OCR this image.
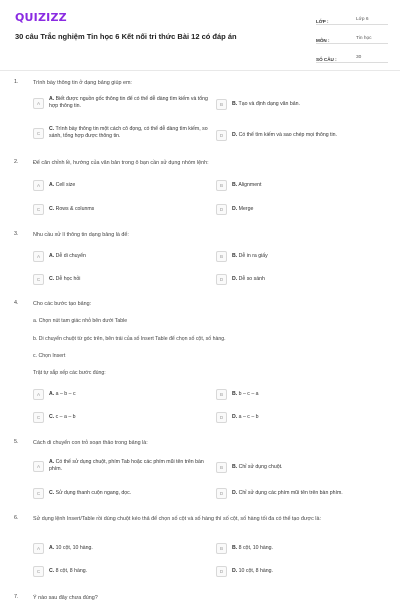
QUIZIZZ
30 câu Trắc nghiệm Tin học 6 Kết nối tri thức Bài 12 có đáp án
LỚP :	Lớp 6
MÔN :	Tin học
SỐ CÂU :	30
1.	Trình bày thông tin ở dạng bảng giúp em:
A
A. Biết được nguồn gốc thông tin để có thể dễ dàng tìm kiếm và tổng hợp thông tin.	B	B. Tạo và định dạng văn bản.
C
C. Trình bày thông tin một cách cô đọng, có thể dễ dàng tìm kiếm, so sánh, tổng hợp được thông tin.	D	D. Có thể tìm kiếm và sao chép mọi thông tin.
2.	Để căn chỉnh lề, hướng của văn bản trong ô bạn cần sử dụng nhóm lệnh:
A	A. Cell size	B	B. Alignment
C	C. Rows & colunms	D	D. Merge
3.	Nhu cầu xử lí thông tin dạng bảng là để:
A	A. Dễ di chuyển	B	B. Dễ in ra giấy
C	C. Dễ học hỏi	D	D. Dễ so sánh
4.	Cho các bước tạo bảng:
a. Chọn nút tam giác nhỏ bên dưới Table
b. Di chuyển chuột từ góc trên, bên trái của số Insert Table để chọn số cột, số hàng.
c. Chọn Insert
Trật tự sắp xếp các bước đúng:
A	A. a – b – c	B	B. b – c – a
C	C. c – a – b	D	D. a – c – b
5.	Cách di chuyển con trỏ soạn thảo trong bảng là:
A
A. Có thể sử dụng chuột, phím Tab hoặc các phím mũi tên trên bàn phím.	B	B. Chỉ sử dụng chuột.
C	C. Sử dụng thanh cuộn ngang, dọc.	D	D. Chỉ sử dụng các phím mũi tên trên bàn phím.
6.	Sử dụng lệnh Insert/Table rồi dùng chuột kéo thả để chọn số cột và số hàng thì số cột, số hàng tối đa có thể tạo được là:
A	A. 10 cột, 10 hàng.	B	B. 8 cột, 10 hàng.
C	C. 8 cột, 8 hàng.	D	D. 10 cột, 8 hàng.
7.	Ý nào sau đây chưa đúng?
